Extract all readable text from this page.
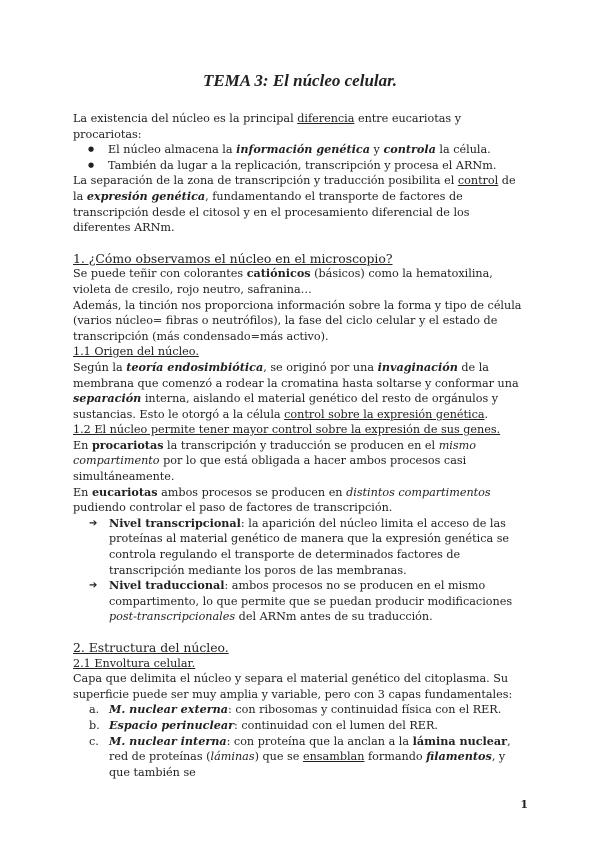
TEMA 3: El núcleo celular.

La existencia del núcleo es la principal diferencia entre eucariotas y procariotas:

● El núcleo almacena la información genética y controla la célula.
● También da lugar a la replicación, transcripción y procesa el ARNm.

La separación de la zona de transcripción y traducción posibilita el control de la expresión genética, fundamentando el transporte de factores de transcripción desde el citosol y en el procesamiento diferencial de los diferentes ARNm.

1. ¿Cómo observamos el núcleo en el microscopio?

Se puede teñir con colorantes catiónicos (básicos) como la hematoxilina, violeta de cresilo, rojo neutro, safranina…

Además, la tinción nos proporciona información sobre la forma y tipo de célula (varios núcleo= fibras o neutrófilos), la fase del ciclo celular y el estado de transcripción (más condensado=más activo).

1.1 Origen del núcleo.

Según la teoría endosimbiótica, se originó por una invaginación de la membrana que comenzó a rodear la cromatina hasta soltarse y conformar una separación interna, aislando el material genético del resto de orgánulos y sustancias. Esto le otorgó a la célula control sobre la expresión genética.

1.2 El núcleo permite tener mayor control sobre la expresión de sus genes.

En procariotas la transcripción y traducción se producen en el mismo compartimento por lo que está obligada a hacer ambos procesos casi simultáneamente.

En eucariotas ambos procesos se producen en distintos compartimentos pudiendo controlar el paso de factores de transcripción.

➔ Nivel transcripcional: la aparición del núcleo limita el acceso de las proteínas al material genético de manera que la expresión genética se controla regulando el transporte de determinados factores de transcripción mediante los poros de las membranas.
➔ Nivel traduccional: ambos procesos no se producen en el mismo compartimento, lo que permite que se puedan producir modificaciones post-transcripcionales del ARNm antes de su traducción.

2. Estructura del núcleo.

2.1 Envoltura celular.

Capa que delimita el núcleo y separa el material genético del citoplasma. Su superficie puede ser muy amplia y variable, pero con 3 capas fundamentales:

a. M. nuclear externa: con ribosomas y continuidad física con el RER.
b. Espacio perinuclear: continuidad con el lumen del RER.
c. M. nuclear interna: con proteína que la anclan a la lámina nuclear, red de proteínas (láminas) que se ensamblan formando filamentos, y que también se
1
